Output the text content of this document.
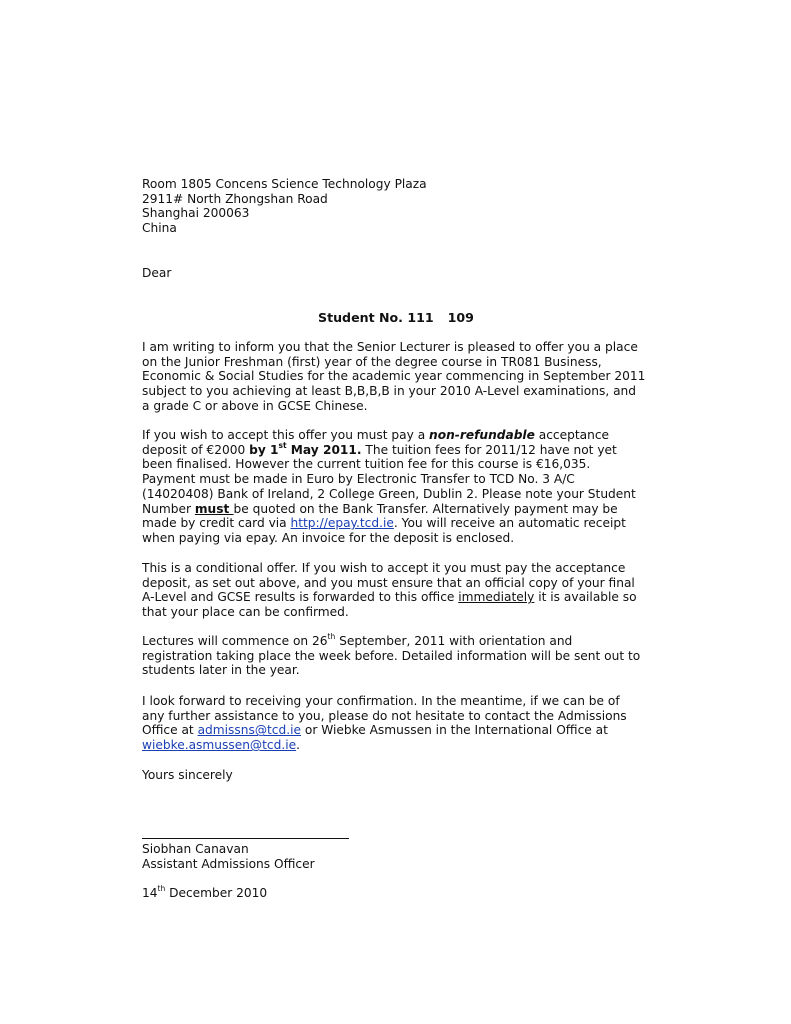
Room 1805 Concens Science Technology Plaza
2911# North Zhongshan Road
Shanghai 200063
China
Dear
Student No. 111 109
I am writing to inform you that the Senior Lecturer is pleased to offer you a place
on the Junior Freshman (first) year of the degree course in TR081 Business,
Economic & Social Studies for the academic year commencing in September 2011
subject to you achieving at least B,B,B,B in your 2010 A-Level examinations, and
a grade C or above in GCSE Chinese.
If you wish to accept this offer you must pay a non-refundable acceptance
deposit of €2000 by 1st May 2011. The tuition fees for 2011/12 have not yet
been finalised. However the current tuition fee for this course is €16,035.
Payment must be made in Euro by Electronic Transfer to TCD No. 3 A/C
(14020408) Bank of Ireland, 2 College Green, Dublin 2. Please note your Student
Number must be quoted on the Bank Transfer. Alternatively payment may be
made by credit card via http://epay.tcd.ie. You will receive an automatic receipt
when paying via epay. An invoice for the deposit is enclosed.
This is a conditional offer. If you wish to accept it you must pay the acceptance
deposit, as set out above, and you must ensure that an official copy of your final
A-Level and GCSE results is forwarded to this office immediately it is available so
that your place can be confirmed.
Lectures will commence on 26th September, 2011 with orientation and
registration taking place the week before. Detailed information will be sent out to
students later in the year.
I look forward to receiving your confirmation. In the meantime, if we can be of
any further assistance to you, please do not hesitate to contact the Admissions
Office at admissns@tcd.ie or Wiebke Asmussen in the International Office at
wiebke.asmussen@tcd.ie.
Yours sincerely
Siobhan Canavan
Assistant Admissions Officer
14th December 2010
